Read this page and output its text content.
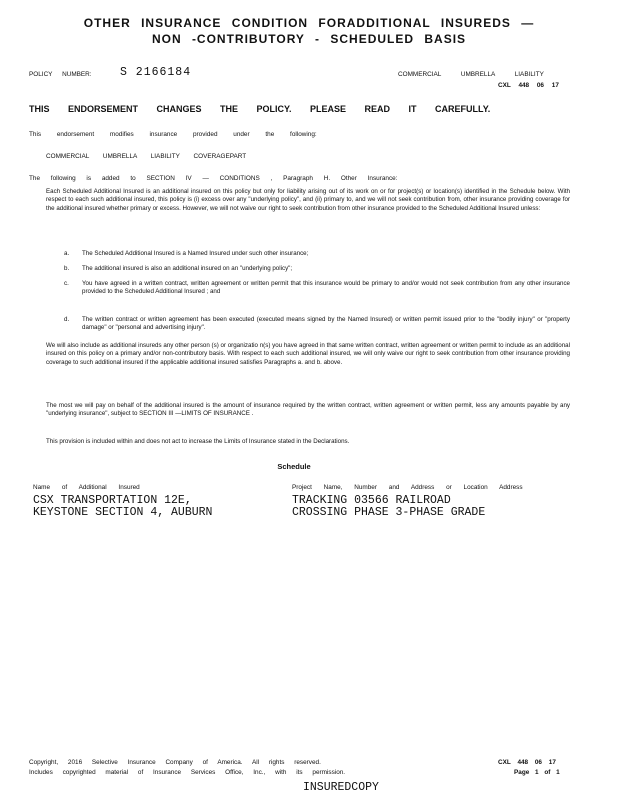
OTHER INSURANCE CONDITION FORADDITIONAL INSUREDS —
NON -CONTRIBUTORY - SCHEDULED BASIS
POLICY NUMBER: S 2166184	COMMERCIAL UMBRELLA LIABILITY
CXL 448 06 17
THIS ENDORSEMENT CHANGES THE POLICY. PLEASE READ IT CAREFULLY.
This endorsement modifies insurance provided under the following:
COMMERCIAL UMBRELLA LIABILITY COVERAGEPART
The following is added to SECTION IV — CONDITIONS , Paragraph H. Other Insurance:
Each Scheduled Additional Insured is an additional insured on this policy but only for liability arising out of its work on or for project(s) or location(s) identified in the Schedule below. With respect to each such additional insured, this policy is (i) excess over any "underlying policy", and (ii) primary to, and we will not seek contribution from, other insurance providing coverage for the additional insured whether primary or excess. However, we will not waive our right to seek contribution from other insurance provided to the Scheduled Additional Insured unless:
a. The Scheduled Additional Insured is a Named Insured under such other insurance;
b. The additional insured is also an additional insured on an "underlying policy";
c. You have agreed in a written contract, written agreement or written permit that this insurance would be primary to and/or would not seek contribution from any other insurance provided to the Scheduled Additional Insured ; and
d. The written contract or written agreement has been executed (executed means signed by the Named Insured) or written permit issued prior to the "bodily injury" or "property damage" or "personal and advertising injury".
We will also include as additional insureds any other person (s) or organizatio n(s) you have agreed in that same written contract, written agreement or written permit to include as an additional insured on this policy on a primary and/or non-contributory basis. With respect to each such additional insured, we will only waive our right to seek contribution from other insurance providing coverage to such additional insured if the applicable additional insured satisfies Paragraphs a. and b. above.
The most we will pay on behalf of the additional insured is the amount of insurance required by the written contract, written agreement or written permit, less any amounts payable by any "underlying insurance", subject to SECTION III —LIMITS OF INSURANCE .
This provision is included within and does not act to increase the Limits of Insurance stated in the Declarations.
Schedule
Name of Additional Insured	Project Name, Number and Address or Location Address
CSX TRANSPORTATION 12E,
KEYSTONE SECTION 4, AUBURN
TRACKING 03566 RAILROAD
CROSSING PHASE 3-PHASE GRADE
Copyright, 2016 Selective Insurance Company of America. All rights reserved.
Includes copyrighted material of Insurance Services Office, Inc., with its permission.
CXL 448 06 17
Page 1 of 1
INSUREDCOPY
